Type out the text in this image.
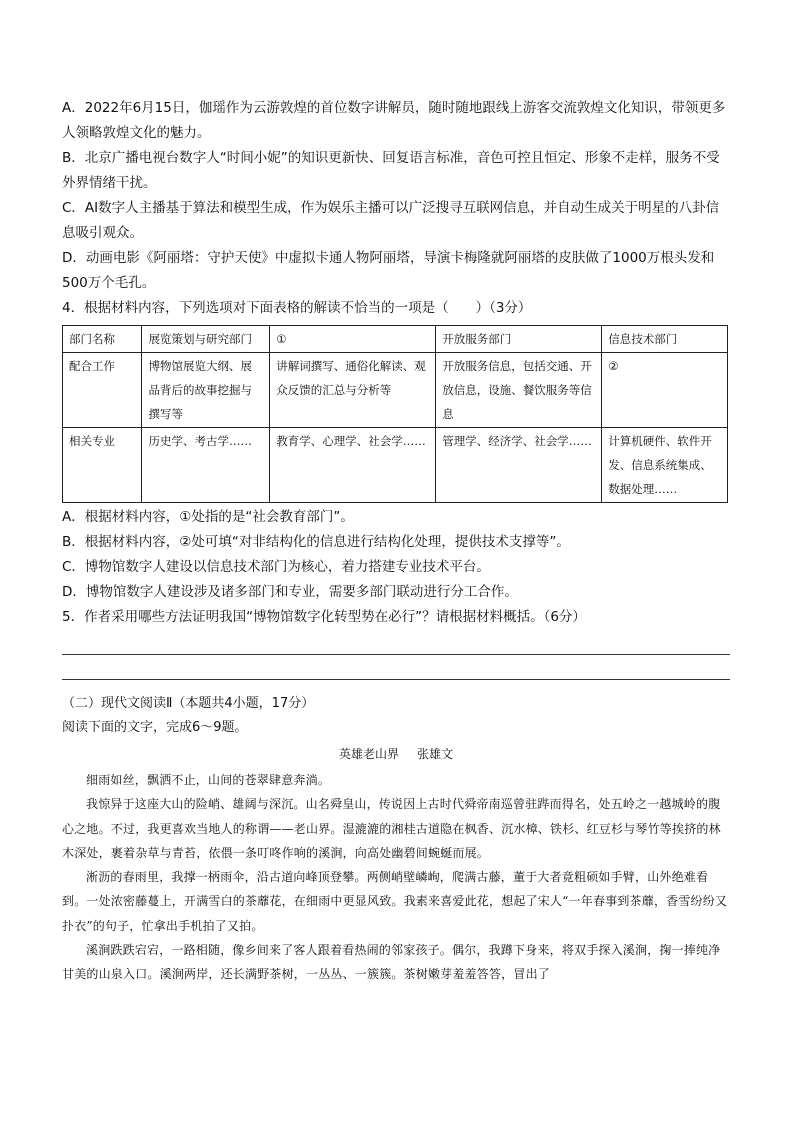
A．2022年6月15日，伽瑶作为云游敦煌的首位数字讲解员，随时随地跟线上游客交流敦煌文化知识，带领更多人领略敦煌文化的魅力。

B．北京广播电视台数字人“时间小妮”的知识更新快、回复语言标准，音色可控且恒定、形象不走样，服务不受外界情绪干扰。

C．AI数字人主播基于算法和模型生成，作为娱乐主播可以广泛搜寻互联网信息，并自动生成关于明星的八卦信息吸引观众。

D．动画电影《阿丽塔：守护天使》中虚拟卡通人物阿丽塔，导演卡梅隆就阿丽塔的皮肤做了1000万根头发和500万个毛孔。

4．根据材料内容，下列选项对下面表格的解读不恰当的一项是（　　）（3分）

部门名称	展览策划与研究部门	①	开放服务部门	信息技术部门
配合工作	博物馆展览大纲、展品背后的故事挖掘与撰写等	讲解词撰写、通俗化解读、观众反馈的汇总与分析等	开放服务信息，包括交通、开放信息，设施、餐饮服务等信息	②
相关专业	历史学、考古学……	教育学、心理学、社会学……	管理学、经济学、社会学……	计算机硬件、软件开发、信息系统集成、数据处理……

A．根据材料内容，①处指的是“社会教育部门”。

B．根据材料内容，②处可填“对非结构化的信息进行结构化处理，提供技术支撑等”。

C．博物馆数字人建设以信息技术部门为核心，着力搭建专业技术平台。

D．博物馆数字人建设涉及诸多部门和专业，需要多部门联动进行分工合作。

5．作者采用哪些方法证明我国“博物馆数字化转型势在必行”？请根据材料概括。（6分）

（二）现代文阅读Ⅱ（本题共4小题，17分）

阅读下面的文字，完成6～9题。

英雄老山界 张雄文

细雨如丝，飘洒不止，山间的苍翠肆意奔淌。

我惊异于这座大山的险峭、雄阔与深沉。山名舜皇山，传说因上古时代舜帝南巡曾驻跸而得名，处五岭之一越城岭的腹心之地。不过，我更喜欢当地人的称谓——老山界。湿漉漉的湘桂古道隐在枫香、沉水樟、铁杉、红豆杉与琴竹等挨挤的林木深处，裹着杂草与青苔，依偎一条叮咚作响的溪涧，向高处幽碧间蜿蜒而展。

淅沥的春雨里，我撑一柄雨伞，沿古道向峰顶登攀。两侧峭壁嶙峋，爬满古藤，董于大者竟粗硕如手臂，山外绝难看到。一处浓密藤蔓上，开满雪白的茶蘼花，在细雨中更显风致。我素来喜爱此花，想起了宋人“一年春事到茶蘼，香雪纷纷又扑衣”的句子，忙拿出手机拍了又拍。

溪涧跌跌宕宕，一路相随，像乡间来了客人跟着看热闹的邻家孩子。偶尔，我蹲下身来，将双手探入溪涧，掬一捧纯净甘美的山泉入口。溪涧两岸，还长满野茶树，一丛丛、一簇簇。茶树嫩芽羞羞答答，冒出了
